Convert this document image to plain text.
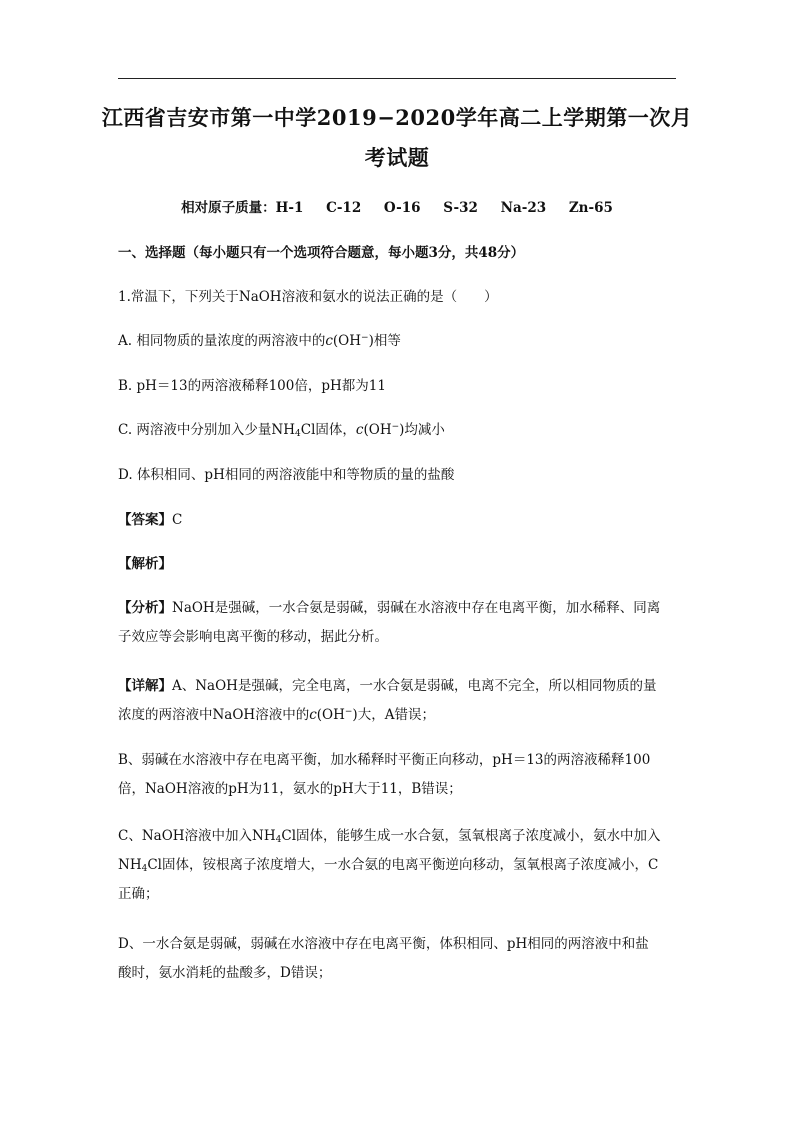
江西省吉安市第一中学2019−2020学年高二上学期第一次月
考试题
相对原子质量：H-1 C-12 O-16 S-32 Na-23 Zn-65
一、选择题（每小题只有一个选项符合题意，每小题3分，共48分）
1.常温下，下列关于NaOH溶液和氨水的说法正确的是（　　）
A. 相同物质的量浓度的两溶液中的c(OH−)相等
B. pH＝13的两溶液稀释100倍，pH都为11
C. 两溶液中分别加入少量$NH_4Cl$固体，c(OH−)均减小
D. 体积相同、pH相同的两溶液能中和等物质的量的盐酸
【答案】C
【解析】
【分析】NaOH是强碱，一水合氨是弱碱，弱碱在水溶液中存在电离平衡，加水稀释、同离
子效应等会影响电离平衡的移动，据此分析。
【详解】A、NaOH是强碱，完全电离，一水合氨是弱碱，电离不完全，所以相同物质的量
浓度的两溶液中NaOH溶液中的c(OH−)大，A错误；
B、弱碱在水溶液中存在电离平衡，加水稀释时平衡正向移动，pH＝13的两溶液稀释100
倍，NaOH溶液的pH为11，氨水的pH大于11，B错误；
C、NaOH溶液中加入$NH_4Cl$固体，能够生成一水合氨，氢氧根离子浓度减小，氨水中加入
$NH_4Cl$固体，铵根离子浓度增大，一水合氨的电离平衡逆向移动，氢氧根离子浓度减小，C
正确；
D、一水合氨是弱碱，弱碱在水溶液中存在电离平衡，体积相同、pH相同的两溶液中和盐
酸时，氨水消耗的盐酸多，D错误；
